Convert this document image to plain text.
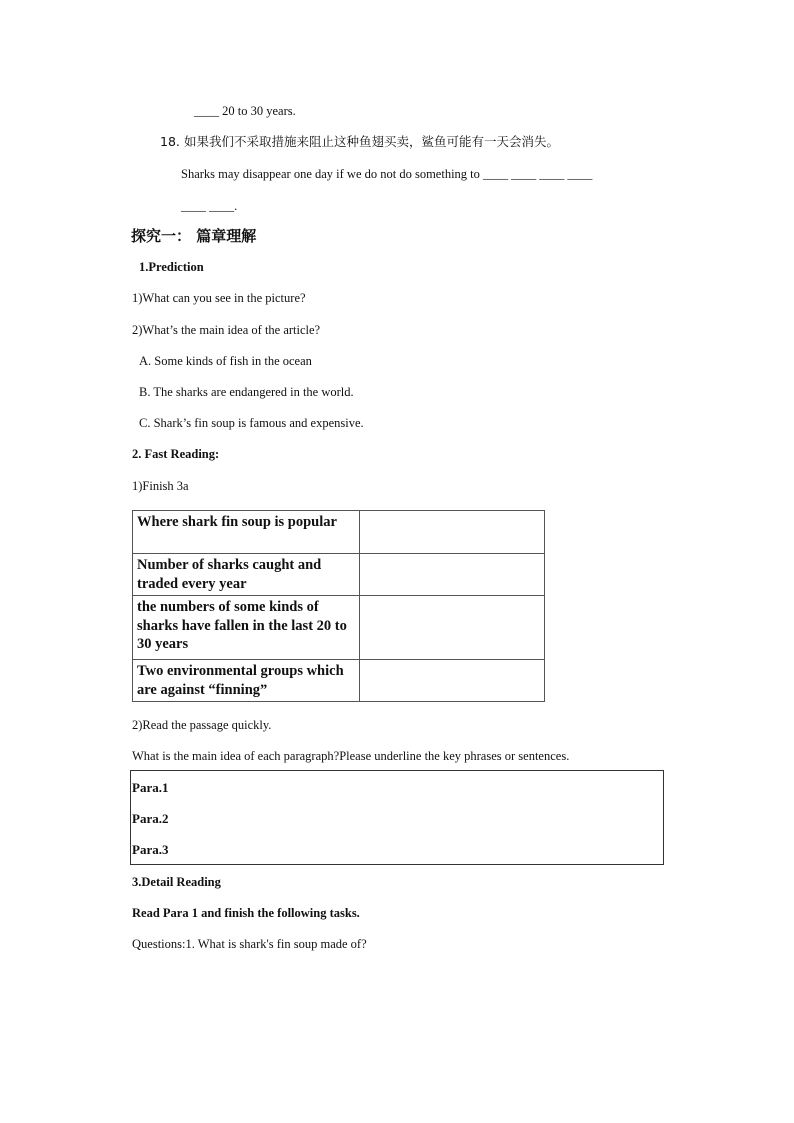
____ 20 to 30 years.
18. 如果我们不采取措施来阻止这种鱼翅买卖，鲨鱼可能有一天会消失。
Sharks may disappear one day if we do not do something to ____ ____ ____ ____
____ ____.
探究一： 篇章理解
1.Prediction
1)What can you see in the picture?
2)What’s the main idea of the article?
A. Some kinds of fish in the ocean
B. The sharks are endangered in the world.
C. Shark’s fin soup is famous and expensive.
2. Fast Reading:
1)Finish 3a
Where shark fin soup is popular	
Number of sharks caught and traded every year	
the numbers of some kinds of sharks have fallen in the last 20 to 30 years	
Two environmental groups which are against “finning”	
2)Read the passage quickly.
What is the main idea of each paragraph?Please underline the key phrases or sentences.
Para.1
Para.2
Para.3
3.Detail Reading
Read Para 1 and finish the following tasks.
Questions:1. What is shark's fin soup made of?
